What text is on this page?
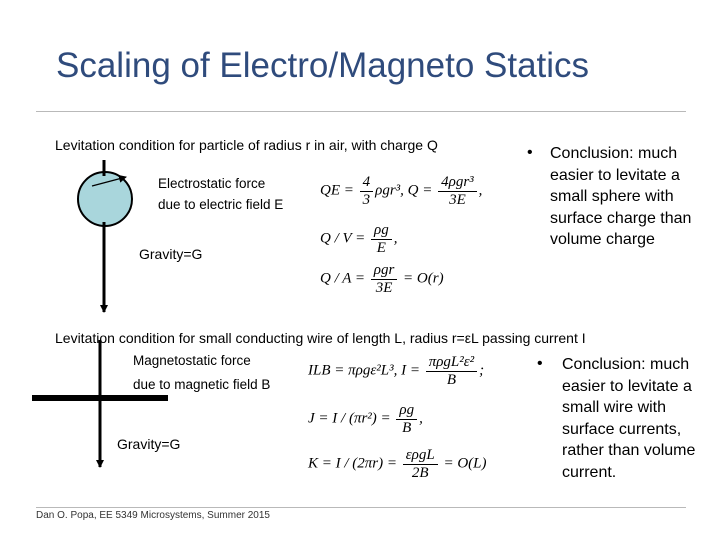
Scaling of Electro/Magneto Statics
Levitation condition for particle of radius r in air, with charge Q
Electrostatic force
due to electric field E
Gravity=G
QE = $\frac{4}{3} \rho gr^3$, $Q = \frac{\text{4ρgr³}}{3E}$ ,
$Q / V = \frac{\rho g}{E}$ ,
$Q / A = \frac{\text{ρgr}}{3E} = O(r)$
• Conclusion: much easier to levitate a small sphere with surface charge than volume charge
Levitation condition for small conducting wire of length L, radius r=εL passing current I
Magnetostatic force
due to magnetic field B
Gravity=G
ILB = πρgε²L³, $I = \frac{\text{πρgL²ε²}}{B}$ ;
$J = I / (\pi r^2) = \frac{\rho g}{B}$ ,
$K = I / (2\pi r) = \frac{\text{ερgL}}{2B} = O(L)$
• Conclusion: much easier to levitate a small wire with surface currents, rather than volume current.
Dan O. Popa, EE 5349 Microsystems, Summer 2015
